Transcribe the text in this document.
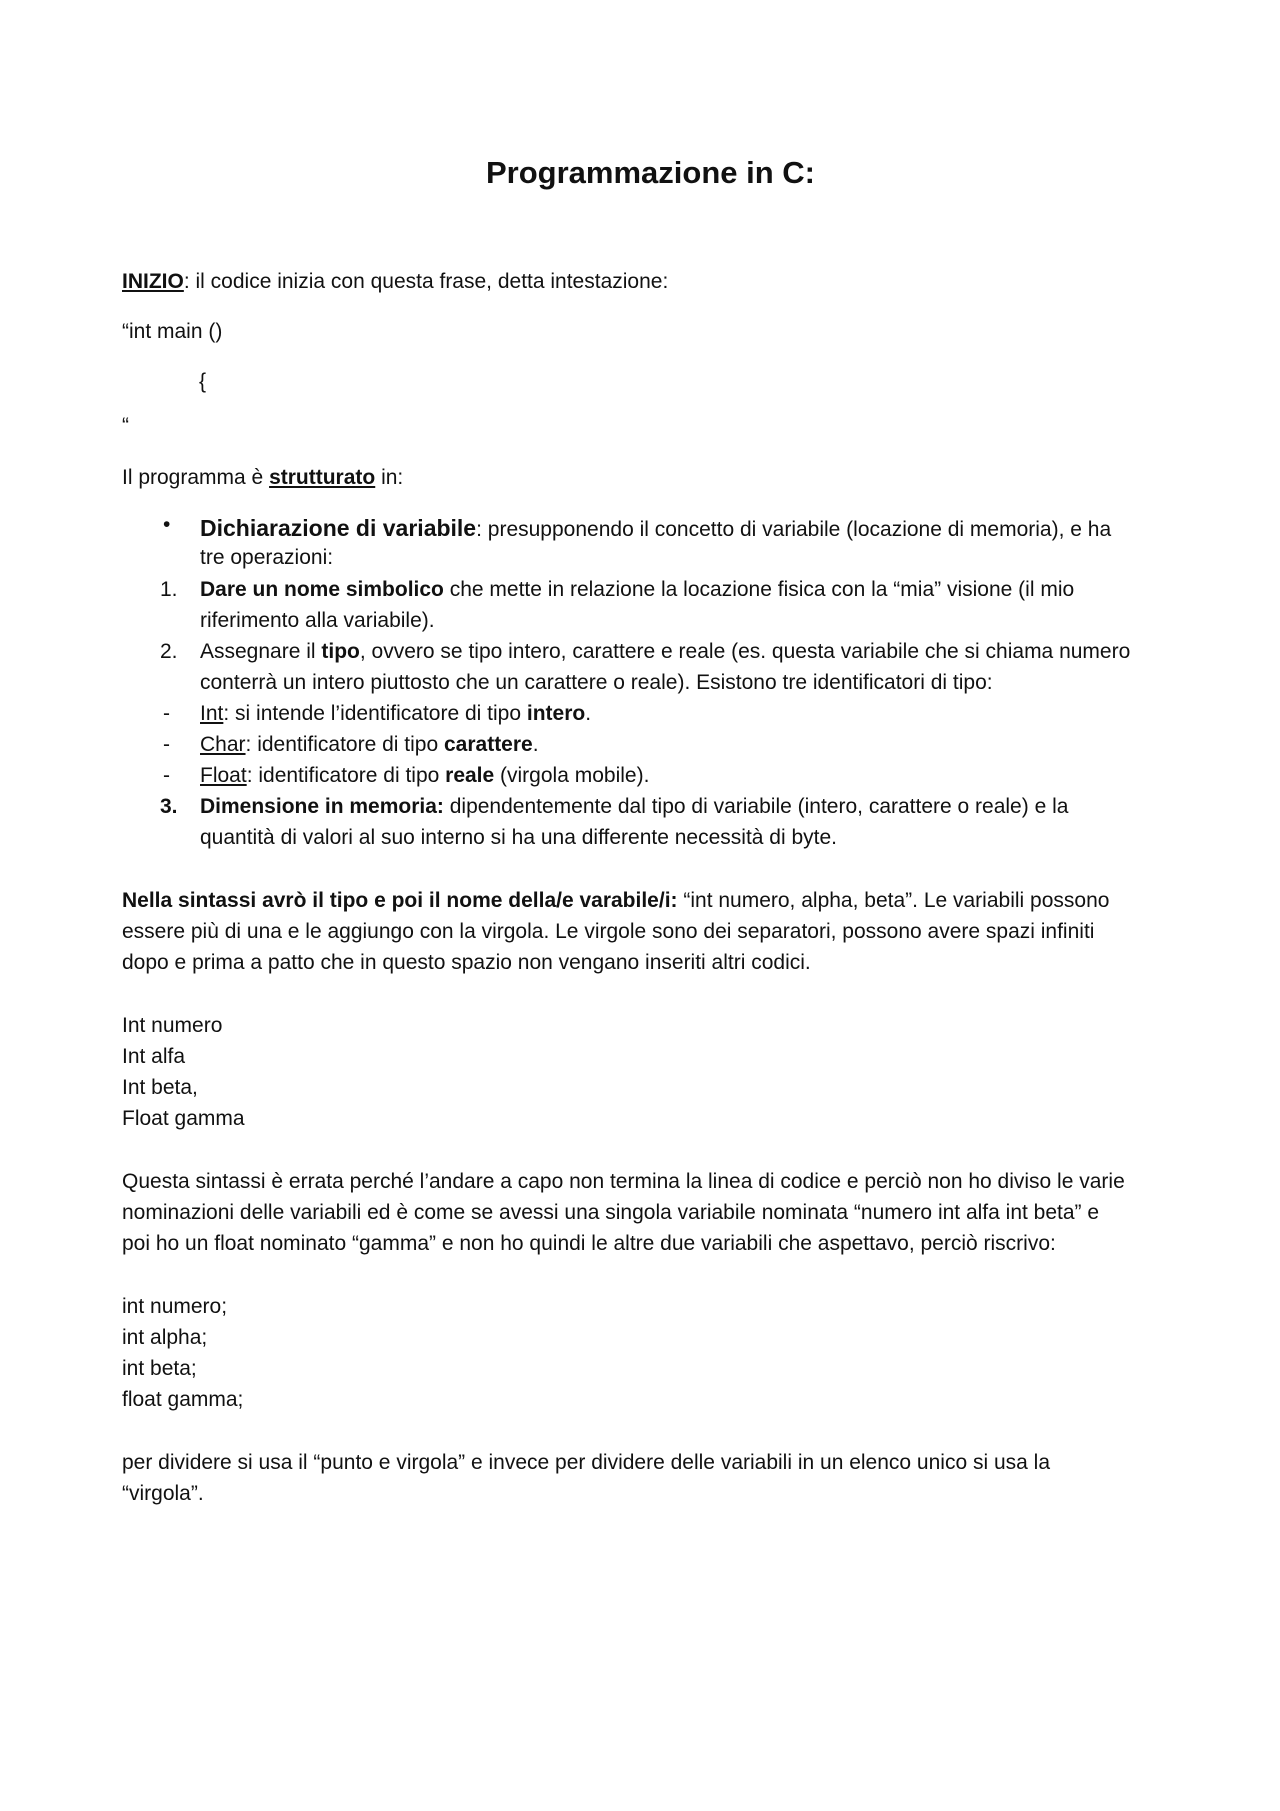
Programmazione in C:
INIZIO: il codice inizia con questa frase, detta intestazione:
“int main ()
{
“
Il programma è strutturato in:
• Dichiarazione di variabile: presupponendo il concetto di variabile (locazione di memoria), e ha
tre operazioni:
1. Dare un nome simbolico che mette in relazione la locazione fisica con la “mia” visione (il mio
riferimento alla variabile).
2. Assegnare il tipo, ovvero se tipo intero, carattere e reale (es. questa variabile che si chiama numero
conterrà un intero piuttosto che un carattere o reale). Esistono tre identificatori di tipo:
- Int: si intende l’identificatore di tipo intero.
- Char: identificatore di tipo carattere.
- Float: identificatore di tipo reale (virgola mobile).
3. Dimensione in memoria: dipendentemente dal tipo di variabile (intero, carattere o reale) e la
quantità di valori al suo interno si ha una differente necessità di byte.
Nella sintassi avrò il tipo e poi il nome della/e varabile/i: “int numero, alpha, beta”. Le variabili possono
essere più di una e le aggiungo con la virgola. Le virgole sono dei separatori, possono avere spazi infiniti
dopo e prima a patto che in questo spazio non vengano inseriti altri codici.
Int numero
Int alfa
Int beta,
Float gamma
Questa sintassi è errata perché l’andare a capo non termina la linea di codice e perciò non ho diviso le varie
nominazioni delle variabili ed è come se avessi una singola variabile nominata “numero int alfa int beta” e
poi ho un float nominato “gamma” e non ho quindi le altre due variabili che aspettavo, perciò riscrivo:
int numero;
int alpha;
int beta;
float gamma;
per dividere si usa il “punto e virgola” e invece per dividere delle variabili in un elenco unico si usa la
“virgola”.
